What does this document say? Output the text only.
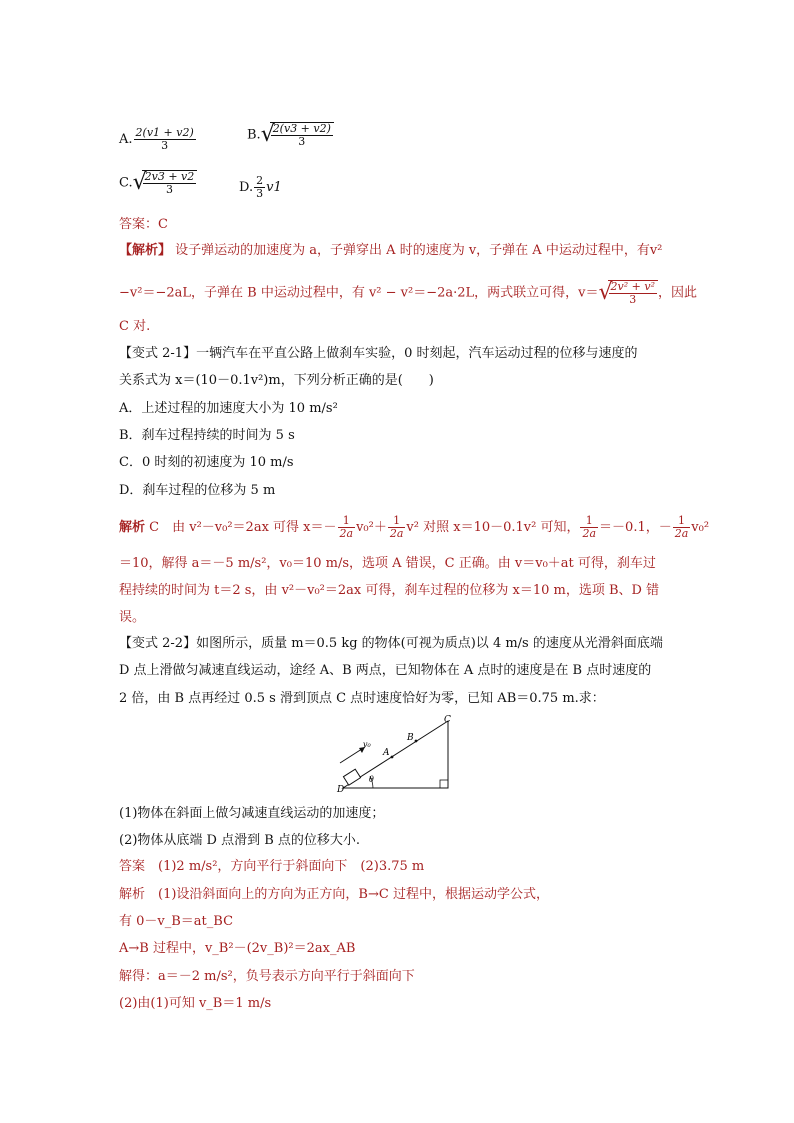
A. $\frac{2(v1 + v2)}{3}$	B. √
$\frac{2(v3 + v2)}{3}$
C. √
$\frac{2v3 + v2}{3}$	D. $\frac{2}{3} v1$
答案：C
【解析】 设子弹运动的加速度为 a，子弹穿出 A 时的速度为 v，子弹在 A 中运动过程中，有v²
−v²＝−2aL，子弹在 B 中运动过程中，有 v² − v²＝−2a·2L，两式联立可得，v＝ √
$\frac{\text{2v² + v²}}{3}$ ，因此
C 对.
【变式 2-1】一辆汽车在平直公路上做刹车实验，0 时刻起，汽车运动过程的位移与速度的
关系式为 x＝(10－0.1v²)m，下列分析正确的是(　　)
A．上述过程的加速度大小为 10 m/s²
B．刹车过程持续的时间为 5 s
C．0 时刻的初速度为 10 m/s
D．刹车过程的位移为 5 m
解析 C　由 v²－v₀²＝2ax 可得 $x=- \frac{1}{2a} v_0^2+ \frac{1}{2a} v^2$ 对照 x＝10－0.1v² 可知， $\frac{1}{2a} =-0.1$，－ $\frac{1}{2a} v_0^2$
＝10，解得 a＝－5 m/s²，v₀＝10 m/s，选项 A 错误，C 正确。由 v＝v₀＋at 可得，刹车过
程持续的时间为 t＝2 s，由 v²－v₀²＝2ax 可得，刹车过程的位移为 x＝10 m，选项 B、D 错
误。
【变式 2-2】如图所示，质量 m＝0.5 kg 的物体(可视为质点)以 4 m/s 的速度从光滑斜面底端
D 点上滑做匀减速直线运动，途经 A、B 两点，已知物体在 A 点时的速度是在 B 点时速度的
2 倍，由 B 点再经过 0.5 s 滑到顶点 C 点时速度恰好为零，已知 AB＝0.75 m.求：
C
B
A
D
θ
v₀
(1)物体在斜面上做匀减速直线运动的加速度；
(2)物体从底端 D 点滑到 B 点的位移大小.
答案　(1)2 m/s²，方向平行于斜面向下　(2)3.75 m
解析　(1)设沿斜面向上的方向为正方向，B→C 过程中，根据运动学公式，
有 0－v_B＝at_BC
A→B 过程中，v_B²－(2v_B)²＝2ax_AB
解得：a＝－2 m/s²，负号表示方向平行于斜面向下
(2)由(1)可知 v_B＝1 m/s
